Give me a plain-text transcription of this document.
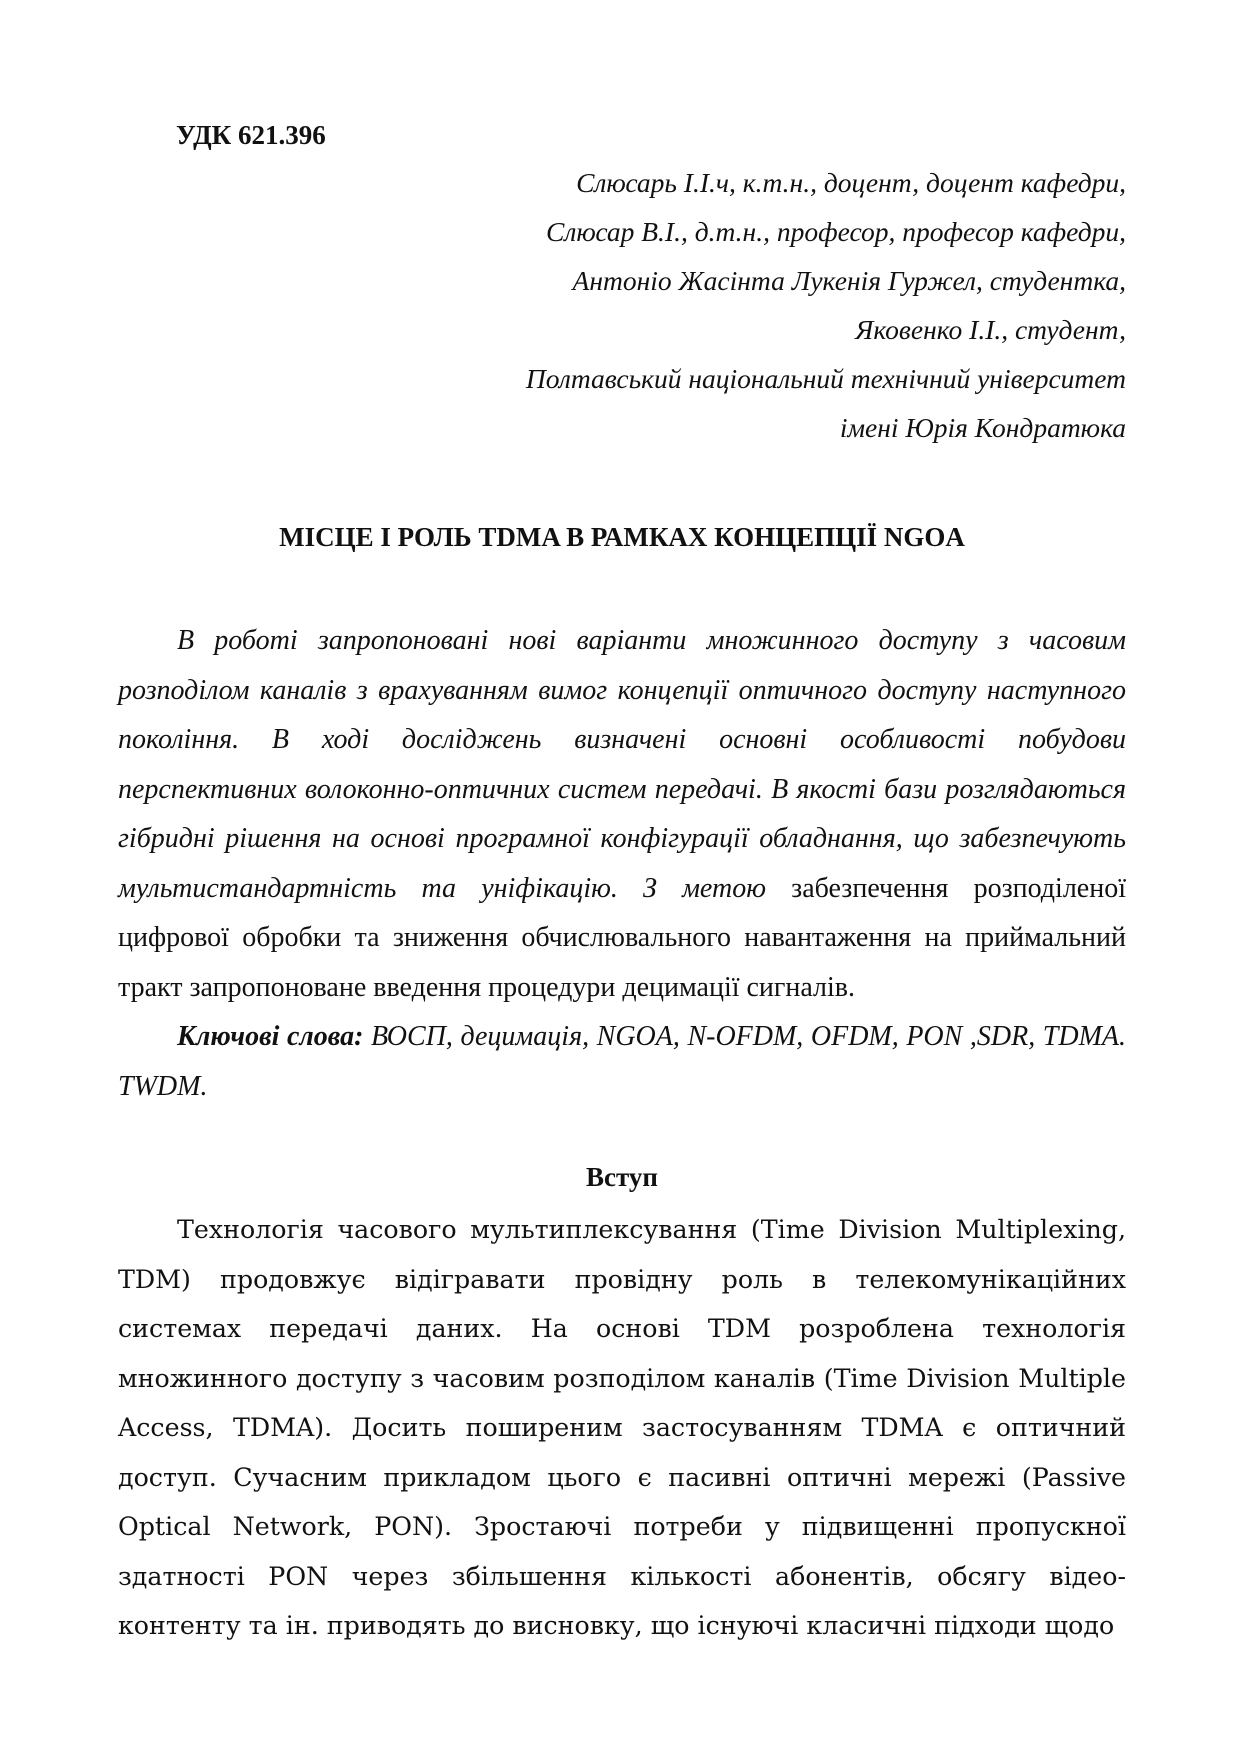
УДК 621.396
Слюсарь І.І.ч, к.т.н., доцент, доцент кафедри,
Слюсар В.І., д.т.н., професор, професор кафедри,
Антоніо Жасінта Лукенія Гуржел, студентка,
Яковенко І.І., студент,
Полтавський національний технічний університет
імені Юрія Кондратюка
МІСЦЕ І РОЛЬ TDMA В РАМКАХ КОНЦЕПЦІЇ NGOA

В роботі запропоновані нові варіанти множинного доступу з часовим розподілом каналів з врахуванням вимог концепції оптичного доступу наступного покоління. В ході досліджень визначені основні особливості побудови перспективних волоконно-оптичних систем передачі. В якості бази розглядаються гібридні рішення на основі програмної конфігурації обладнання, що забезпечують мультистандартність та уніфікацію. З метою забезпечення розподіленої цифрової обробки та зниження обчислювального навантаження на приймальний тракт запропоноване введення процедури децимації сигналів.

Ключові слова: ВОСП, децимація, NGOA, N-OFDM, OFDM, PON ,SDR, TDMA. TWDM.

Вступ

Технологія часового мультиплексування (Time Division Multiplexing, TDM) продовжує відігравати провідну роль в телекомунікаційних системах передачі даних. На основі TDM розроблена технологія множинного доступу з часовим розподілом каналів (Time Division Multiple Access, TDMA). Досить поширеним застосуванням TDMA є оптичний доступ. Сучасним прикладом цього є пасивні оптичні мережі (Passive Optical Network, PON). Зростаючі потреби у підвищенні пропускної здатності PON через збільшення кількості абонентів, обсягу відео-контенту та ін. приводять до висновку, що існуючі класичні підходи щодо
